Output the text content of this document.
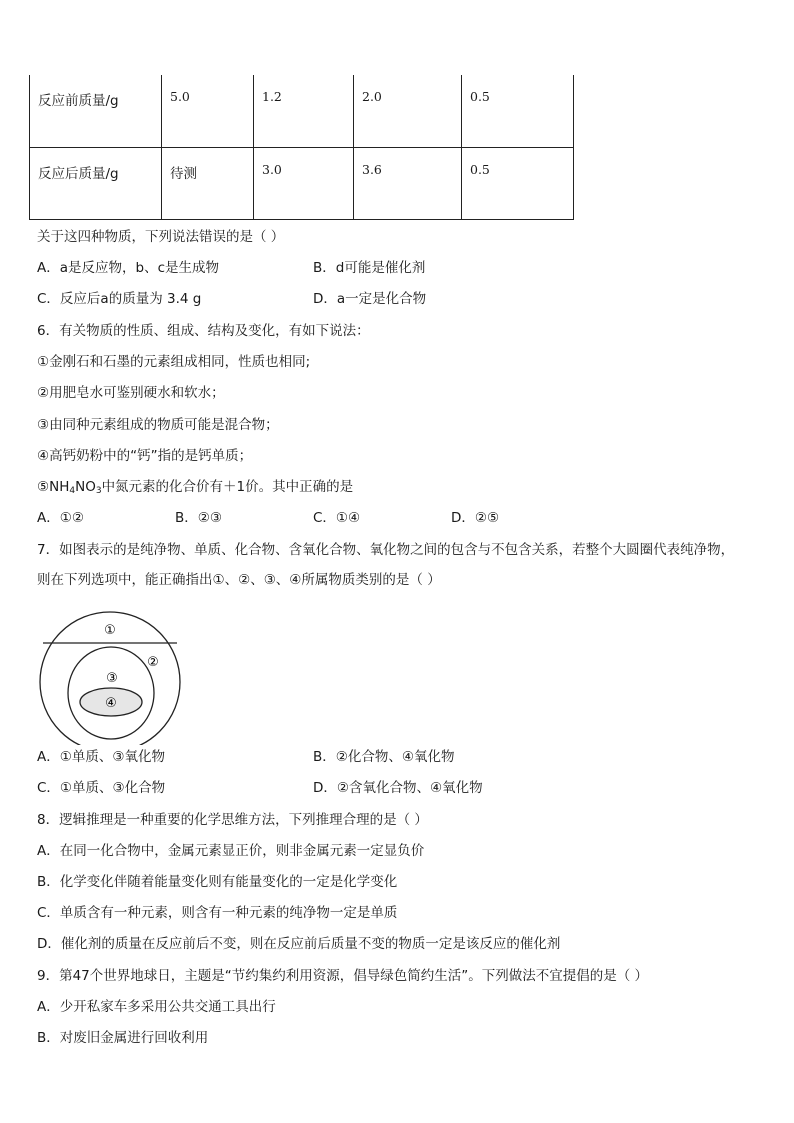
反应前质量/g	5.0	1.2	2.0	0.5
反应后质量/g	待测	3.0	3.6	0.5
关于这四种物质，下列说法错误的是（ ）
A．a是反应物，b、c是生成物	B．d可能是催化剂
C．反应后a的质量为 3.4 g	D．a一定是化合物
6．有关物质的性质、组成、结构及变化，有如下说法：
①金刚石和石墨的元素组成相同，性质也相同;
②用肥皂水可鉴别硬水和软水；
③由同种元素组成的物质可能是混合物；
④高钙奶粉中的“钙”指的是钙单质；
$⑤NH_4NO_3$中氮元素的化合价有＋1价。其中正确的是
A．①②	B．②③	C．①④	D．②⑤
7．如图表示的是纯净物、单质、化合物、含氧化合物、氧化物之间的包含与不包含关系，若整个大圆圈代表纯净物，
则在下列选项中，能正确指出①、②、③、④所属物质类别的是（ ）
①
②
③
④
A．①单质、③氧化物	B．②化合物、④氧化物
C．①单质、③化合物	D．②含氧化合物、④氧化物
8．逻辑推理是一种重要的化学思维方法，下列推理合理的是（ ）
A．在同一化合物中，金属元素显正价，则非金属元素一定显负价
B．化学变化伴随着能量变化则有能量变化的一定是化学变化
C．单质含有一种元素，则含有一种元素的纯净物一定是单质
D．催化剂的质量在反应前后不变，则在反应前后质量不变的物质一定是该反应的催化剂
9．第47个世界地球日，主题是“节约集约利用资源，倡导绿色简约生活”。下列做法不宜提倡的是（ ）
A．少开私家车多采用公共交通工具出行
B．对废旧金属进行回收利用
